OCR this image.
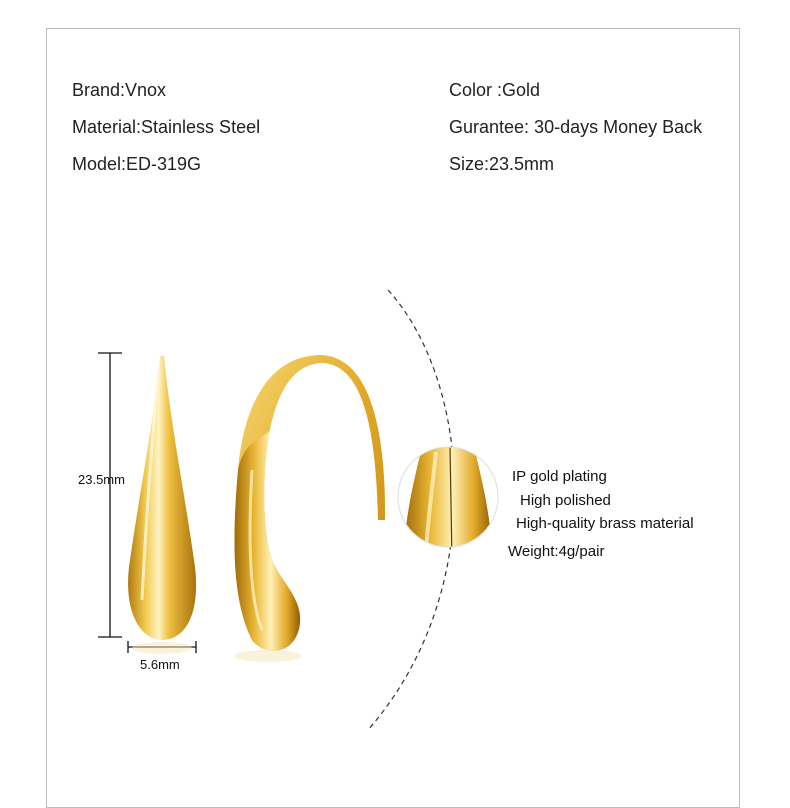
Brand:Vnox
Material:Stainless Steel
Model:ED-319G
Color :Gold
Gurantee: 30-days Money Back
Size:23.5mm
23.5mm
5.6mm
IP gold plating
High polished
High-quality brass material
Weight:4g/pair
